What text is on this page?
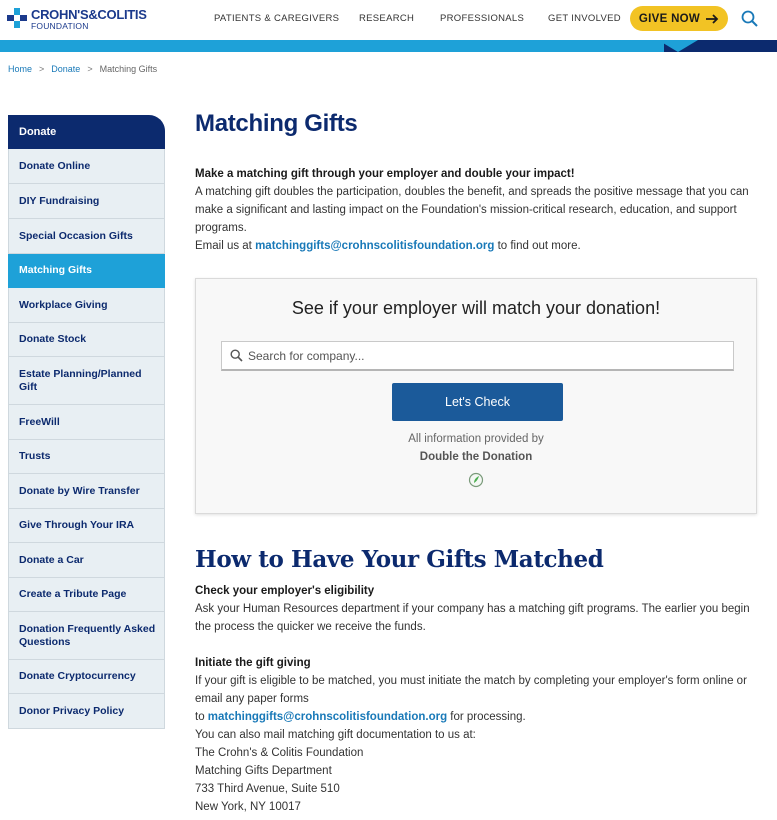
CROHN'S&COLITIS
FOUNDATION
PATIENTS & CAREGIVERS RESEARCH	PROFESSIONALS	GET INVOLVED GIVE NOW
Home > Donate > Matching Gifts
Donate
Donate Online
DIY Fundraising
Special Occasion Gifts
Matching Gifts
Workplace Giving
Donate Stock
Estate Planning/Planned Gift
FreeWill
Trusts
Donate by Wire Transfer
Give Through Your IRA
Donate a Car
Create a Tribute Page
Donation Frequently Asked Questions
Donate Cryptocurrency
Donor Privacy Policy
Matching Gifts
Make a matching gift through your employer and double your impact!
A matching gift doubles the participation, doubles the benefit, and spreads the positive message that you can make a significant and lasting impact on the Foundation's mission-critical research, education, and support programs.
Email us at matchinggifts@crohnscolitisfoundation.org to find out more.
See if your employer will match your donation!
Search for company...
Let's Check
All information provided by
Double the Donation
How to Have Your Gifts Matched
Check your employer's eligibility
Ask your Human Resources department if your company has a matching gift programs. The earlier you begin the process the quicker we receive the funds.
Initiate the gift giving
If your gift is eligible to be matched, you must initiate the match by completing your employer's form online or email any paper forms
to matchinggifts@crohnscolitisfoundation.org for processing.
You can also mail matching gift documentation to us at:
The Crohn's & Colitis Foundation
Matching Gifts Department
733 Third Avenue, Suite 510
New York, NY 10017
